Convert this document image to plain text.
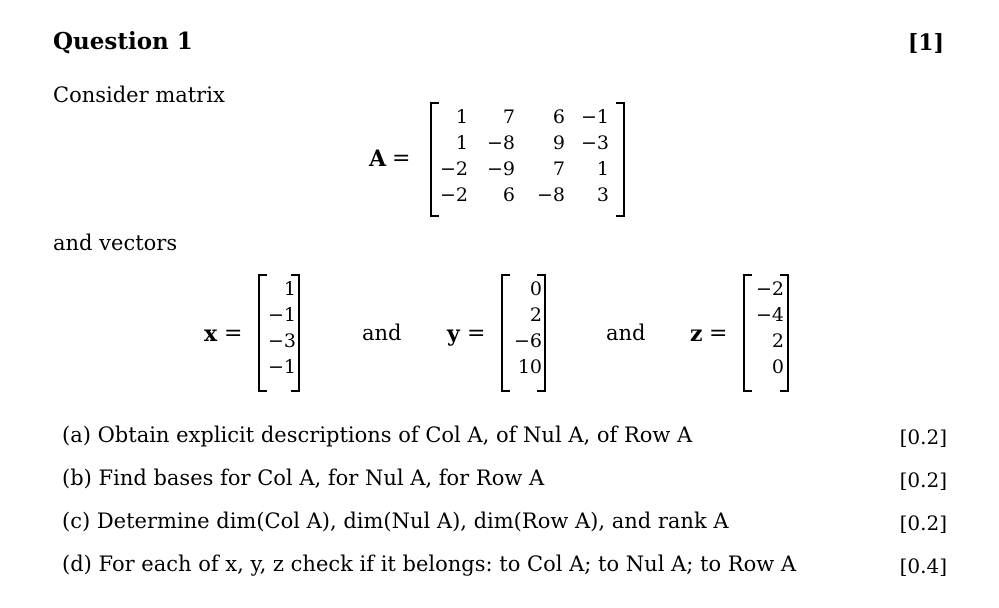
Question 1	[1]
Consider matrix
A =
1	7	6 −1
1 −8	9 −3
−2 −9	7	1
−2	6	−8	3
and vectors
x =
1
−1
−3
−1
and y =
0
2
−6
10
and z =
−2
−4
2
0
(a) Obtain explicit descriptions of Col A, of Nul A, of Row A	[0.2]
(b) Find bases for Col A, for Nul A, for Row A	[0.2]
(c) Determine dim(Col A), dim(Nul A), dim(Row A), and rank A	[0.2]
(d) For each of x, y, z check if it belongs: to Col A; to Nul A; to Row A	[0.4]
